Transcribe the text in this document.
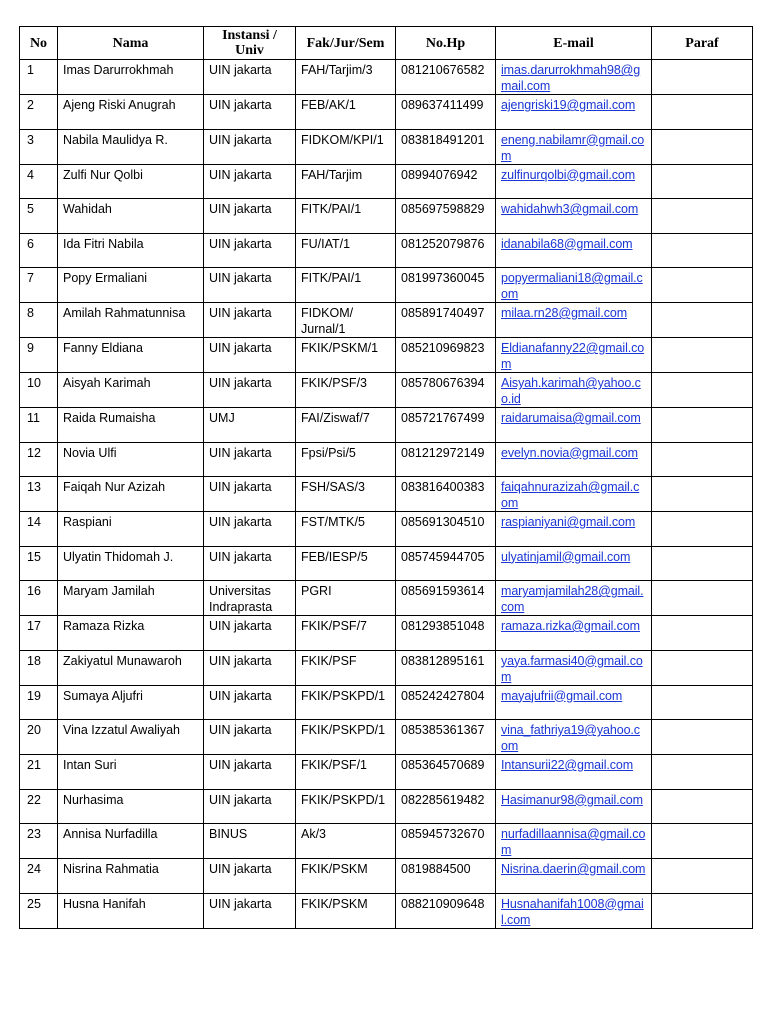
No	Nama	Instansi / Univ	Fak/Jur/Sem	No.Hp	E-mail	Paraf
1	Imas Darurrokhmah	UIN jakarta	FAH/Tarjim/3	081210676582	imas.darurrokhmah98@gmail.com	
2	Ajeng Riski Anugrah	UIN jakarta	FEB/AK/1	089637411499	ajengriski19@gmail.com	
3	Nabila Maulidya R.	UIN jakarta	FIDKOM/KPI/1	083818491201	eneng.nabilamr@gmail.com	
4	Zulfi Nur Qolbi	UIN jakarta	FAH/Tarjim	08994076942	zulfinurqolbi@gmail.com	
5	Wahidah	UIN jakarta	FITK/PAI/1	085697598829	wahidahwh3@gmail.com	
6	Ida Fitri Nabila	UIN jakarta	FU/IAT/1	081252079876	idanabila68@gmail.com	
7	Popy Ermaliani	UIN jakarta	FITK/PAI/1	081997360045	popyermaliani18@gmail.com	
8	Amilah Rahmatunnisa	UIN jakarta	FIDKOM/ Jurnal/1	085891740497	milaa.rn28@gmail.com	
9	Fanny Eldiana	UIN jakarta	FKIK/PSKM/1	085210969823	Eldianafanny22@gmail.com	
10	Aisyah Karimah	UIN jakarta	FKIK/PSF/3	085780676394	Aisyah.karimah@yahoo.co.id	
11	Raida Rumaisha	UMJ	FAI/Ziswaf/7	085721767499	raidarumaisa@gmail.com	
12	Novia Ulfi	UIN jakarta	Fpsi/Psi/5	081212972149	evelyn.novia@gmail.com	
13	Faiqah Nur Azizah	UIN jakarta	FSH/SAS/3	083816400383	faiqahnurazizah@gmail.com	
14	Raspiani	UIN jakarta	FST/MTK/5	085691304510	raspianiyani@gmail.com	
15	Ulyatin Thidomah J.	UIN jakarta	FEB/IESP/5	085745944705	ulyatinjamil@gmail.com	
16	Maryam Jamilah	Universitas Indraprasta	PGRI	085691593614	maryamjamilah28@gmail.com	
17	Ramaza Rizka	UIN jakarta	FKIK/PSF/7	081293851048	ramaza.rizka@gmail.com	
18	Zakiyatul Munawaroh	UIN jakarta	FKIK/PSF	083812895161	yaya.farmasi40@gmail.com	
19	Sumaya Aljufri	UIN jakarta	FKIK/PSKPD/1	085242427804	mayajufrii@gmail.com	
20	Vina Izzatul Awaliyah	UIN jakarta	FKIK/PSKPD/1	085385361367	vina_fathriya19@yahoo.com	
21	Intan Suri	UIN jakarta	FKIK/PSF/1	085364570689	Intansurii22@gmail.com	
22	Nurhasima	UIN jakarta	FKIK/PSKPD/1	082285619482	Hasimanur98@gmail.com	
23	Annisa Nurfadilla	BINUS	Ak/3	085945732670	nurfadillaannisa@gmail.com	
24	Nisrina Rahmatia	UIN jakarta	FKIK/PSKM	0819884500	Nisrina.daerin@gmail.com	
25	Husna Hanifah	UIN jakarta	FKIK/PSKM	088210909648	Husnahanifah1008@gmail.com	
